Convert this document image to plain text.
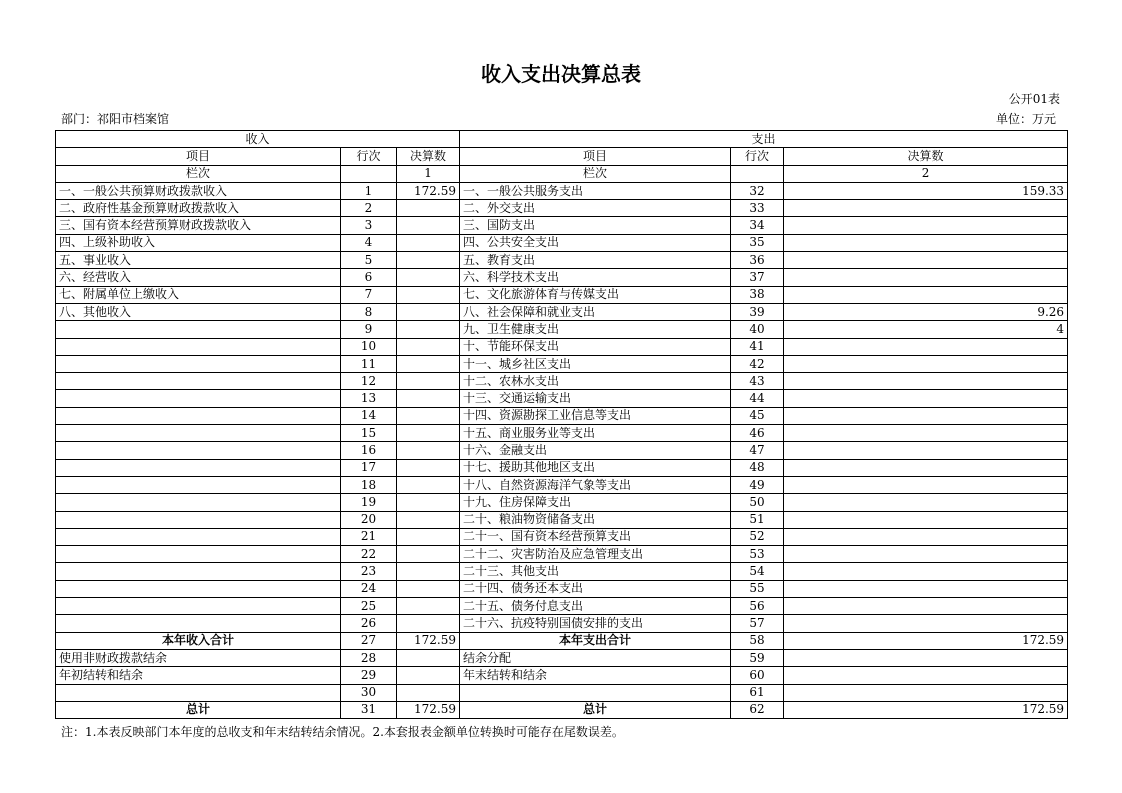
收入支出决算总表
公开01表
部门：祁阳市档案馆	单位：万元
收入			支出		
项目	行次	决算数	项目	行次	决算数
栏次		1	栏次		2
一、一般公共预算财政拨款收入	1	172.59	一、一般公共服务支出	32	159.33
二、政府性基金预算财政拨款收入	2		二、外交支出	33	
三、国有资本经营预算财政拨款收入	3		三、国防支出	34	
四、上级补助收入	4		四、公共安全支出	35	
五、事业收入	5		五、教育支出	36	
六、经营收入	6		六、科学技术支出	37	
七、附属单位上缴收入	7		七、文化旅游体育与传媒支出	38	
八、其他收入	8		八、社会保障和就业支出	39	9.26
	9		九、卫生健康支出	40	4
	10		十、节能环保支出	41	
	11		十一、城乡社区支出	42	
	12		十二、农林水支出	43	
	13		十三、交通运输支出	44	
	14		十四、资源勘探工业信息等支出	45	
	15		十五、商业服务业等支出	46	
	16		十六、金融支出	47	
	17		十七、援助其他地区支出	48	
	18		十八、自然资源海洋气象等支出	49	
	19		十九、住房保障支出	50	
	20		二十、粮油物资储备支出	51	
	21		二十一、国有资本经营预算支出	52	
	22		二十二、灾害防治及应急管理支出	53	
	23		二十三、其他支出	54	
	24		二十四、债务还本支出	55	
	25		二十五、债务付息支出	56	
	26		二十六、抗疫特别国债安排的支出	57	
本年收入合计	27	172.59	本年支出合计	58	172.59
使用非财政拨款结余	28		结余分配	59	
年初结转和结余	29		年末结转和结余	60	
	30			61	
总计	31	172.59	总计	62	172.59
注：1.本表反映部门本年度的总收支和年末结转结余情况。2.本套报表金额单位转换时可能存在尾数误差。
